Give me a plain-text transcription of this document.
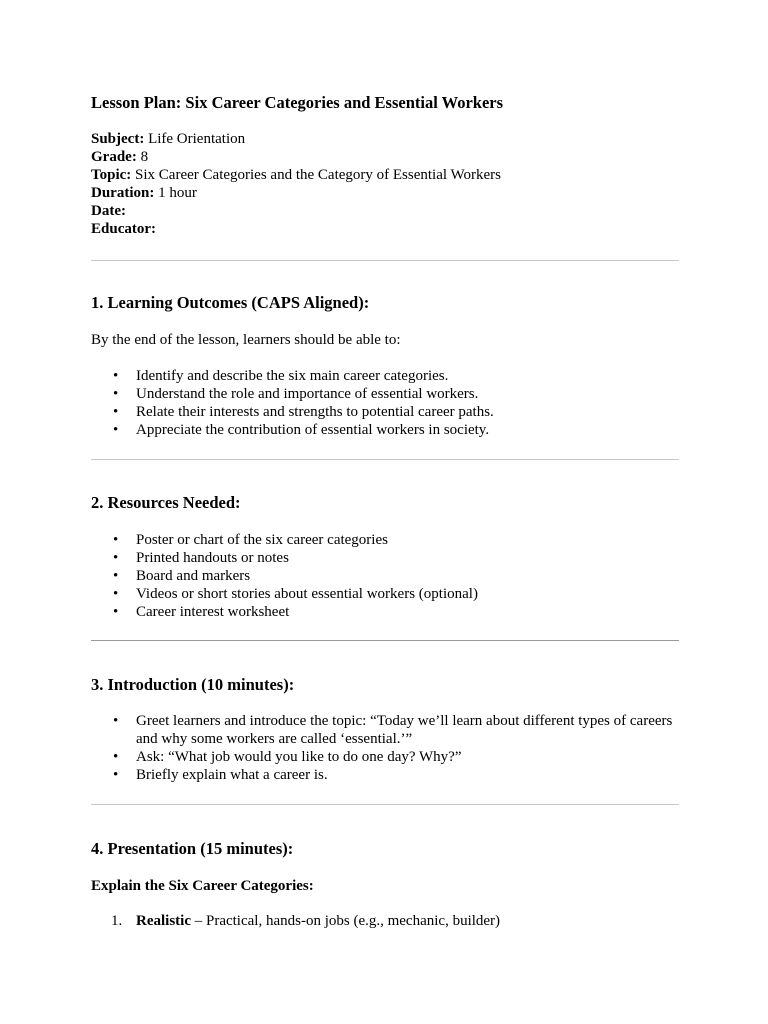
Lesson Plan: Six Career Categories and Essential Workers
Subject: Life Orientation
Grade: 8
Topic: Six Career Categories and the Category of Essential Workers
Duration: 1 hour
Date:
Educator:
1. Learning Outcomes (CAPS Aligned):

By the end of the lesson, learners should be able to:

• Identify and describe the six main career categories.
• Understand the role and importance of essential workers.
• Relate their interests and strengths to potential career paths.
• Appreciate the contribution of essential workers in society.
2. Resources Needed:
• Poster or chart of the six career categories
• Printed handouts or notes
• Board and markers
• Videos or short stories about essential workers (optional)
• Career interest worksheet
3. Introduction (10 minutes):
• Greet learners and introduce the topic: “Today we’ll learn about different types of careers and why some workers are called ‘essential.’”
• Ask: “What job would you like to do one day? Why?”
• Briefly explain what a career is.
4. Presentation (15 minutes):

Explain the Six Career Categories:

1. Realistic – Practical, hands-on jobs (e.g., mechanic, builder)
